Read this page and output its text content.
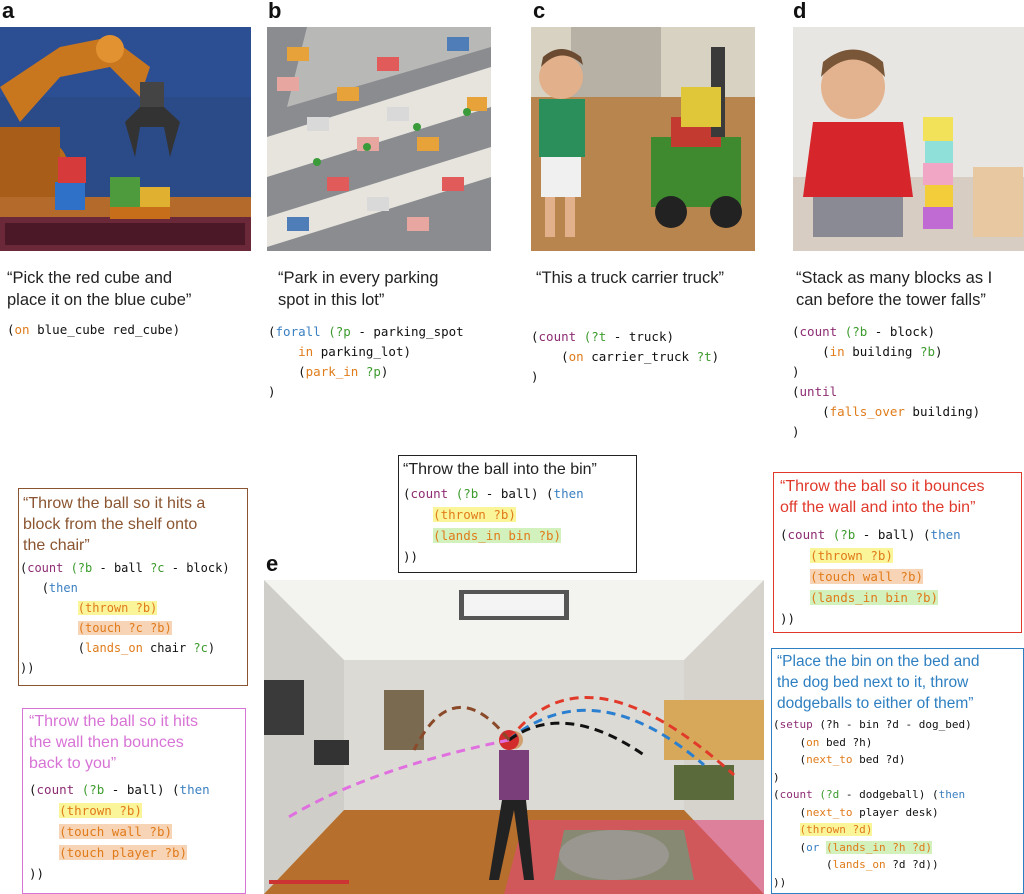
a
“Pick the red cube and
place it on the blue cube”
(on blue_cube red_cube)
b
“Park in every parking
spot in this lot”
(forall (?p - parking_spot
in parking_lot)
(park_in ?p)
)
c
“This a truck carrier truck”
(count (?t - truck)
(on carrier_truck ?t)
)
d
“Stack as many blocks as I
can before the tower falls”
(count (?b - block)
(in building ?b)
)
(until
(falls_over building)
)
e
“Throw the ball so it hits a
block from the shelf onto
the chair”
(count (?b - ball ?c - block)
(then
(thrown ?b)
(touch ?c ?b)
(lands_on chair ?c)
))
“Throw the ball into the bin”
(count (?b - ball) (then
(thrown ?b)
(lands_in bin ?b)
))
“Throw the ball so it bounces
off the wall and into the bin”
(count (?b - ball) (then
(thrown ?b)
(touch wall ?b)
(lands_in bin ?b)
))
“Throw the ball so it hits
the wall then bounces
back to you”
(count (?b - ball) (then
(thrown ?b)
(touch wall ?b)
(touch player ?b)
))
“Place the bin on the bed and
the dog bed next to it, throw
dodgeballs to either of them”
(setup (?h - bin ?d - dog_bed)
(on bed ?h)
(next_to bed ?d)
)
(count (?d - dodgeball) (then
(next_to player desk)
(thrown ?d)
(or (lands_in ?h ?d)
(lands_on ?d ?d))
))
